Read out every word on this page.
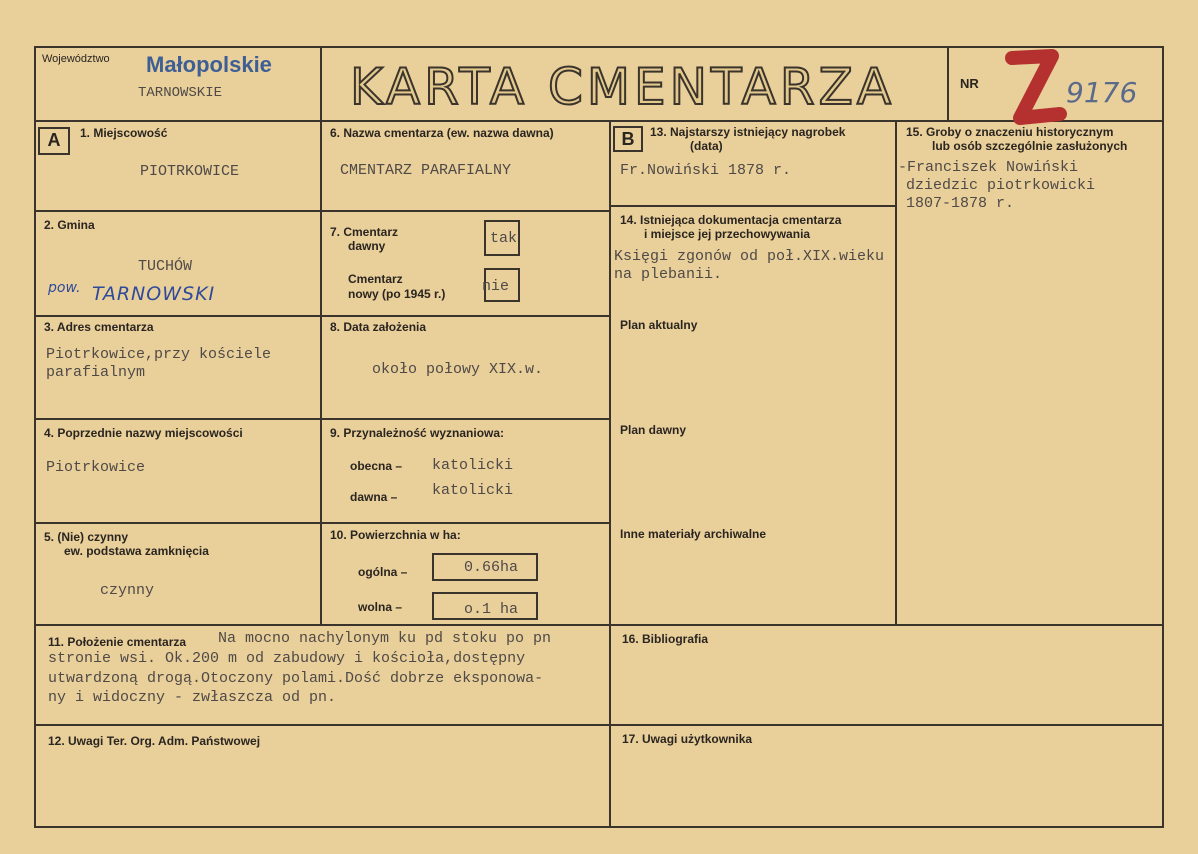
Województwo Małopolskie
TARNOWSKIE	KARTA CMENTARZA	NR	9176
A	1. Miejscowość
PIOTRKOWICE
2. Gmina
TUCHÓW
pow. TARNOWSKI
3. Adres cmentarza
Piotrkowice,przy kościele
parafialnym
4. Poprzednie nazwy miejscowości
Piotrkowice
5. (Nie) czynny
ew. podstawa zamknięcia
czynny
6. Nazwa cmentarza (ew. nazwa dawna)
CMENTARZ PARAFIALNY
7. Cmentarz
dawny	tak
Cmentarz
nowy (po 1945 r.) nie
8. Data założenia
około połowy XIX.w.
9. Przynależność wyznaniowa:
obecna – katolicki
dawna – katolicki
10. Powierzchnia w ha:
ogólna –	0.66ha
wolna –	o.1 ha
11. Położenie cmentarza Na mocno nachylonym ku pd stoku po pn
stronie wsi. Ok.200 m od zabudowy i kościoła,dostępny
utwardzoną drogą.Otoczony polami.Dość dobrze eksponowa-
ny i widoczny - zwłaszcza od pn.
12. Uwagi Ter. Org. Adm. Państwowej
B	13. Najstarszy istniejący nagrobek
(data)
Fr.Nowiński 1878 r.
14. Istniejąca dokumentacja cmentarza
i miejsce jej przechowywania
Księgi zgonów od poł.XIX.wieku
na plebanii.
Plan aktualny
Plan dawny
Inne materiały archiwalne
15. Groby o znaczeniu historycznym
lub osób szczególnie zasłużonych
-Franciszek Nowiński
dziedzic piotrkowicki
1807-1878 r.
16. Bibliografia
17. Uwagi użytkownika
